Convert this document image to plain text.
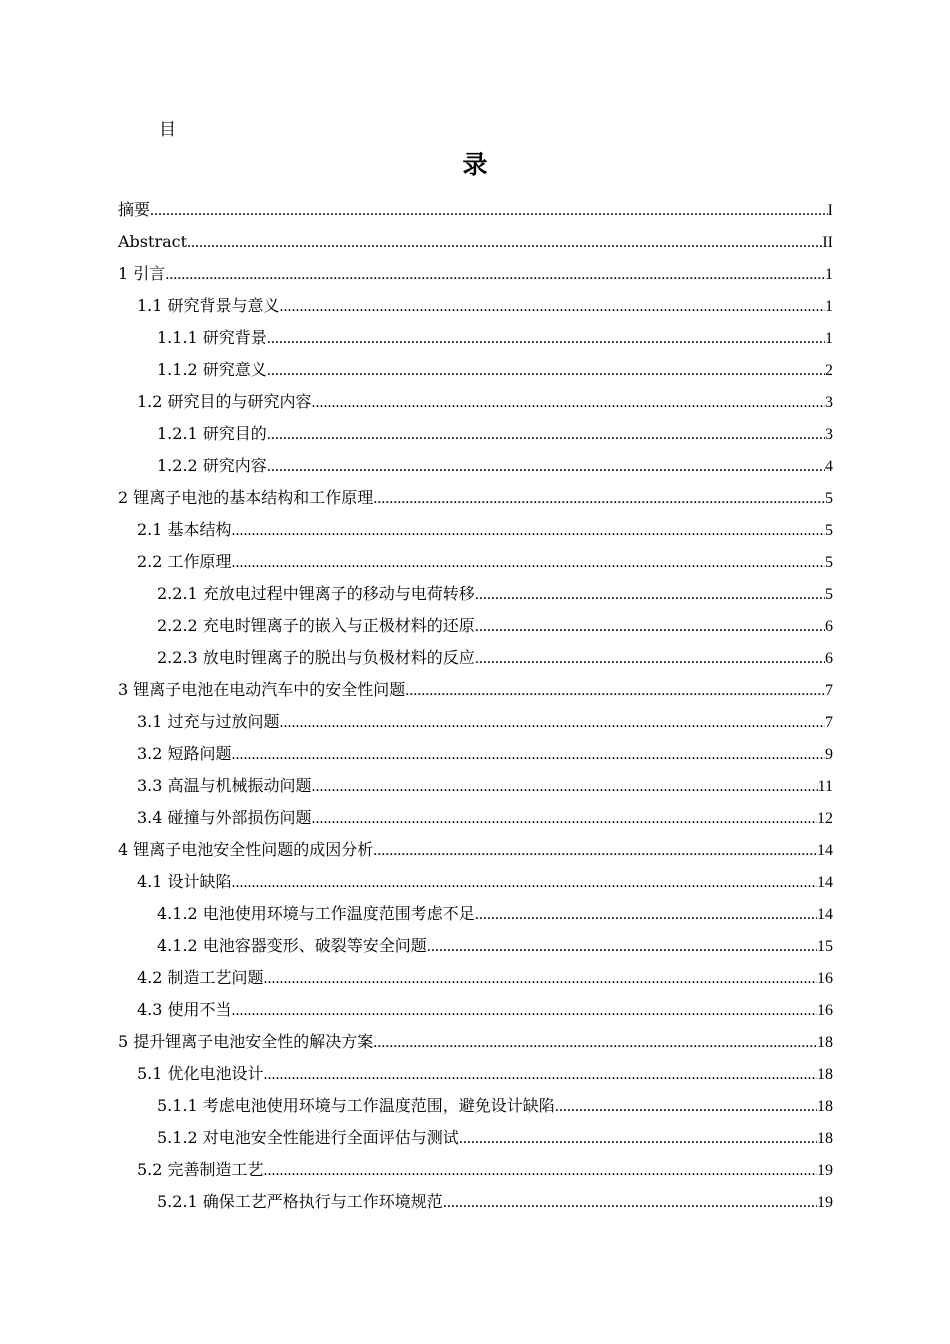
目
录
摘要 .....	I
Abstract .....	II
1 引言 .....	1
1.1 研究背景与意义 .....	1
1.1.1 研究背景 .....	1
1.1.2 研究意义 .....	2
1.2 研究目的与研究内容 .....	3
1.2.1 研究目的 .....	3
1.2.2 研究内容 .....	4
2 锂离子电池的基本结构和工作原理 .....	5
2.1 基本结构 .....	5
2.2 工作原理 .....	5
2.2.1 充放电过程中锂离子的移动与电荷转移 .....	5
2.2.2 充电时锂离子的嵌入与正极材料的还原 .....	6
2.2.3 放电时锂离子的脱出与负极材料的反应 .....	6
3 锂离子电池在电动汽车中的安全性问题 .....	7
3.1 过充与过放问题 .....	7
3.2 短路问题 .....	9
3.3 高温与机械振动问题 .....	11
3.4 碰撞与外部损伤问题 .....	12
4 锂离子电池安全性问题的成因分析 .....	14
4.1 设计缺陷 .....	14
4.1.2 电池使用环境与工作温度范围考虑不足 .....	14
4.1.2 电池容器变形、破裂等安全问题 .....	15
4.2 制造工艺问题 .....	16
4.3 使用不当 .....	16
5 提升锂离子电池安全性的解决方案 .....	18
5.1 优化电池设计 .....	18
5.1.1 考虑电池使用环境与工作温度范围，避免设计缺陷 .....	18
5.1.2 对电池安全性能进行全面评估与测试 .....	18
5.2 完善制造工艺 .....	19
5.2.1 确保工艺严格执行与工作环境规范 .....	19
